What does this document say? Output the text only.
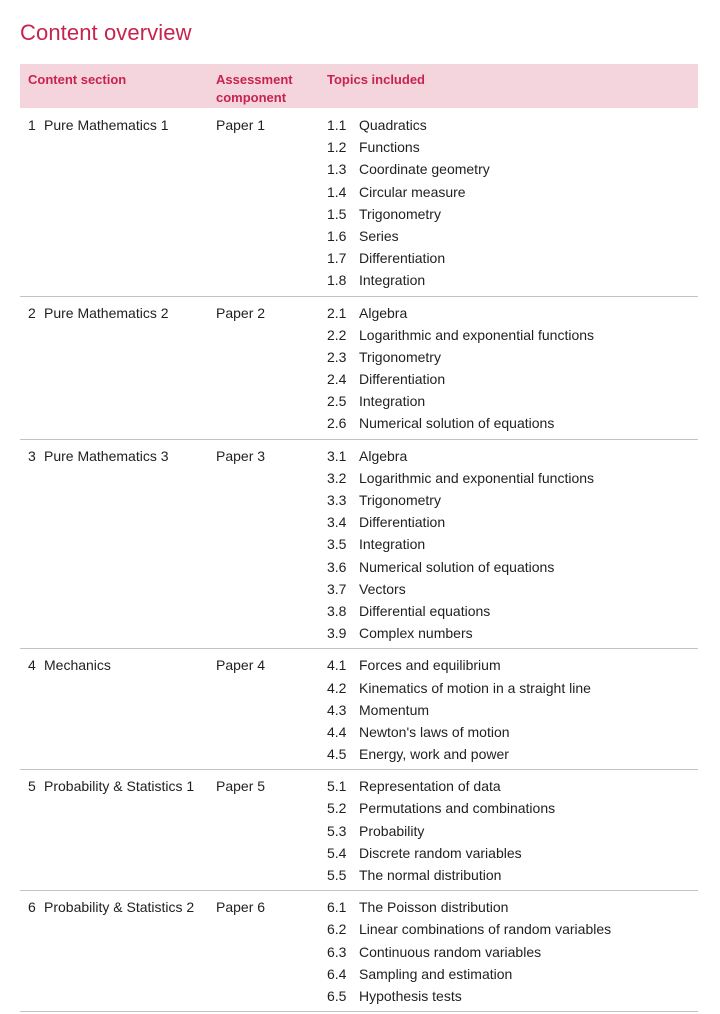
Content overview
Content section	Assessment component
Topics included
1 Pure Mathematics 1	Paper 1	1.1 Quadratics
1.2 Functions
1.3 Coordinate geometry
1.4 Circular measure
1.5 Trigonometry
1.6 Series
1.7 Differentiation
1.8 Integration
2 Pure Mathematics 2	Paper 2	2.1 Algebra
2.2 Logarithmic and exponential functions
2.3 Trigonometry
2.4 Differentiation
2.5 Integration
2.6 Numerical solution of equations
3 Pure Mathematics 3	Paper 3	3.1 Algebra
3.2 Logarithmic and exponential functions
3.3 Trigonometry
3.4 Differentiation
3.5 Integration
3.6 Numerical solution of equations
3.7 Vectors
3.8 Differential equations
3.9 Complex numbers
4 Mechanics	Paper 4	4.1 Forces and equilibrium
4.2 Kinematics of motion in a straight line
4.3 Momentum
4.4 Newton's laws of motion
4.5 Energy, work and power
5 Probability & Statistics 1 Paper 5	5.1 Representation of data
5.2 Permutations and combinations
5.3 Probability
5.4 Discrete random variables
5.5 The normal distribution
6 Probability & Statistics 2 Paper 6	6.1 The Poisson distribution
6.2 Linear combinations of random variables
6.3 Continuous random variables
6.4 Sampling and estimation
6.5 Hypothesis tests
